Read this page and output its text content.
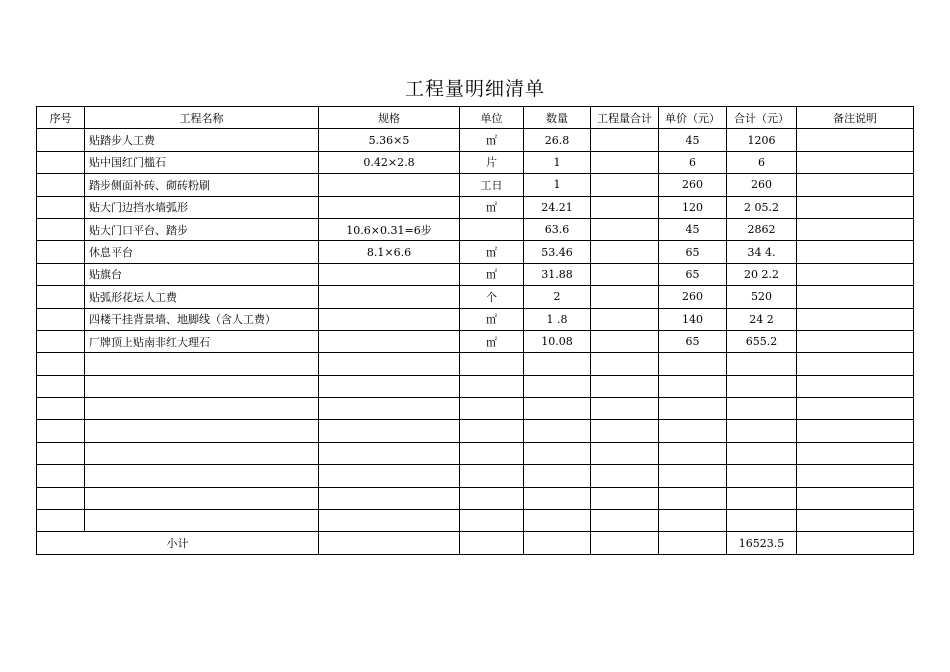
工程量明细清单
序号	工程名称	规格	单位	数量	工程量合计	单价（元）	合计（元）	备注说明
	贴踏步人工费	5.36×5	㎡	26.8		45	1206	
	贴中国红门槛石	0.42×2.8	片	1		6	6	
	踏步侧面补砖、砌砖粉刷		工日	1		260	260	
	贴大门边挡水墙弧形		㎡	24.21		120	2 05.2	
	贴大门口平台、踏步	10.6×0.31=6步		63.6		45	2862	
	休息平台	8.1×6.6	㎡	53.46		65	34 4.	
	贴旗台		㎡	31.88		65	20 2.2	
	贴弧形花坛人工费		个	2		260	520	
	四楼干挂背景墙、地脚线（含人工费）		㎡	1 .8		140	24 2	
	厂牌顶上贴南非红大理石		㎡	10.08		65	655.2	

小计							16523.5	
